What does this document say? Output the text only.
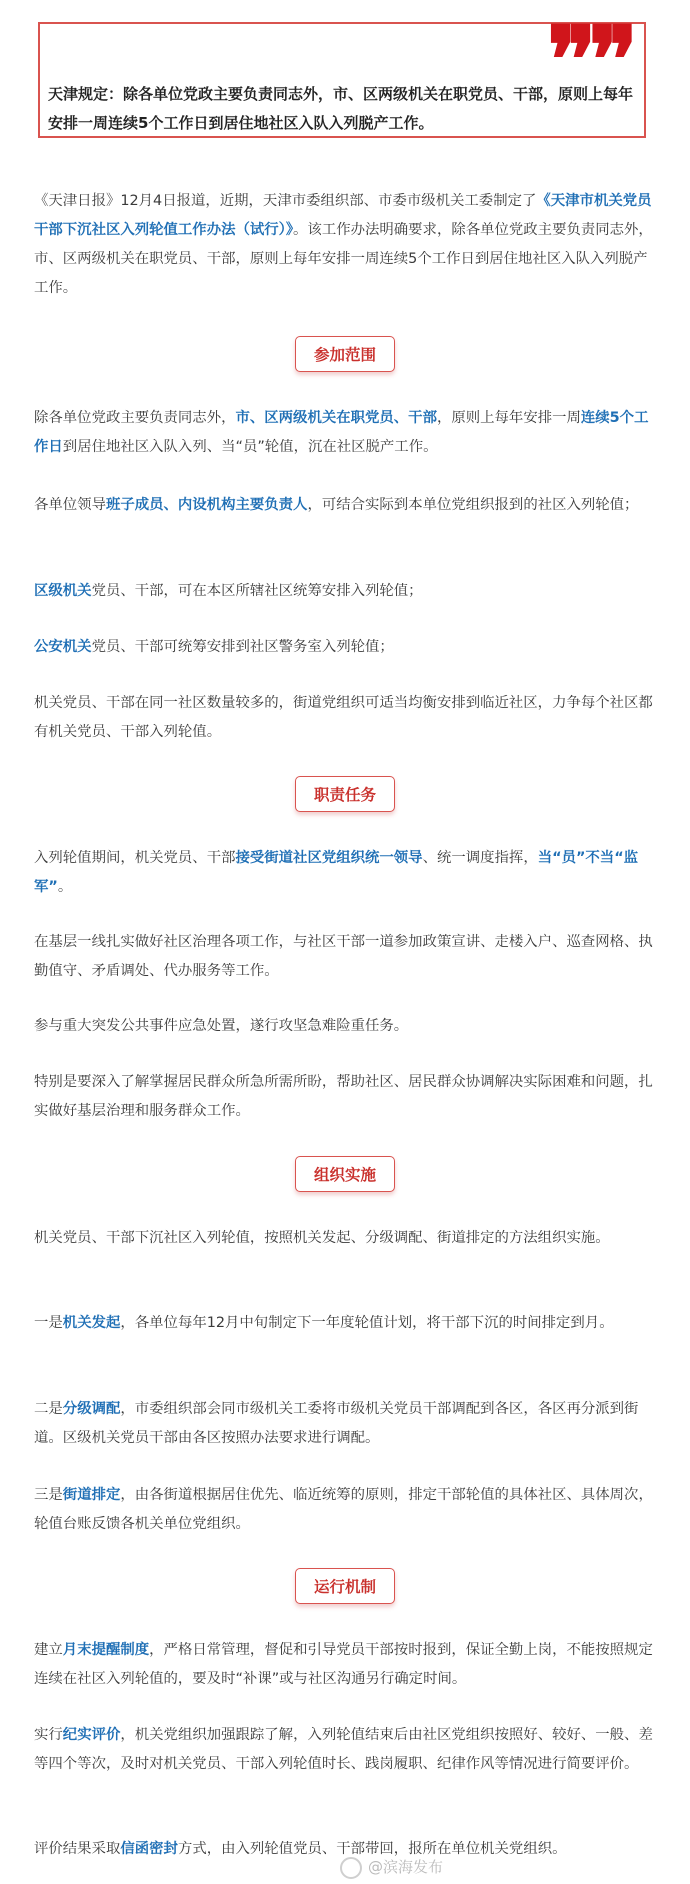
❞❞
天津规定：除各单位党政主要负责同志外，市、区两级机关在职党员、干部，原则上每年安排一周连续5个工作日到居住地社区入队入列脱产工作。

《天津日报》12月4日报道，近期，天津市委组织部、市委市级机关工委制定了《天津市机关党员干部下沉社区入列轮值工作办法（试行）》。该工作办法明确要求，除各单位党政主要负责同志外，市、区两级机关在职党员、干部，原则上每年安排一周连续5个工作日到居住地社区入队入列脱产工作。

参加范围

除各单位党政主要负责同志外，市、区两级机关在职党员、干部，原则上每年安排一周连续5个工作日到居住地社区入队入列、当“员”轮值，沉在社区脱产工作。

各单位领导班子成员、内设机构主要负责人，可结合实际到本单位党组织报到的社区入列轮值；

区级机关党员、干部，可在本区所辖社区统筹安排入列轮值；

公安机关党员、干部可统筹安排到社区警务室入列轮值；

机关党员、干部在同一社区数量较多的，街道党组织可适当均衡安排到临近社区，力争每个社区都有机关党员、干部入列轮值。

职责任务

入列轮值期间，机关党员、干部接受街道社区党组织统一领导、统一调度指挥，当“员”不当“监军”。

在基层一线扎实做好社区治理各项工作，与社区干部一道参加政策宣讲、走楼入户、巡查网格、执勤值守、矛盾调处、代办服务等工作。

参与重大突发公共事件应急处置，遂行攻坚急难险重任务。

特别是要深入了解掌握居民群众所急所需所盼，帮助社区、居民群众协调解决实际困难和问题，扎实做好基层治理和服务群众工作。

组织实施

机关党员、干部下沉社区入列轮值，按照机关发起、分级调配、街道排定的方法组织实施。

一是机关发起，各单位每年12月中旬制定下一年度轮值计划，将干部下沉的时间排定到月。

二是分级调配，市委组织部会同市级机关工委将市级机关党员干部调配到各区，各区再分派到街道。区级机关党员干部由各区按照办法要求进行调配。

三是街道排定，由各街道根据居住优先、临近统筹的原则，排定干部轮值的具体社区、具体周次，轮值台账反馈各机关单位党组织。

运行机制

建立月末提醒制度，严格日常管理，督促和引导党员干部按时报到，保证全勤上岗，不能按照规定连续在社区入列轮值的，要及时“补课”或与社区沟通另行确定时间。

实行纪实评价，机关党组织加强跟踪了解，入列轮值结束后由社区党组织按照好、较好、一般、差等四个等次，及时对机关党员、干部入列轮值时长、践岗履职、纪律作风等情况进行简要评价。

评价结果采取信函密封方式，由入列轮值党员、干部带回，报所在单位机关党组织。

@滨海发布
